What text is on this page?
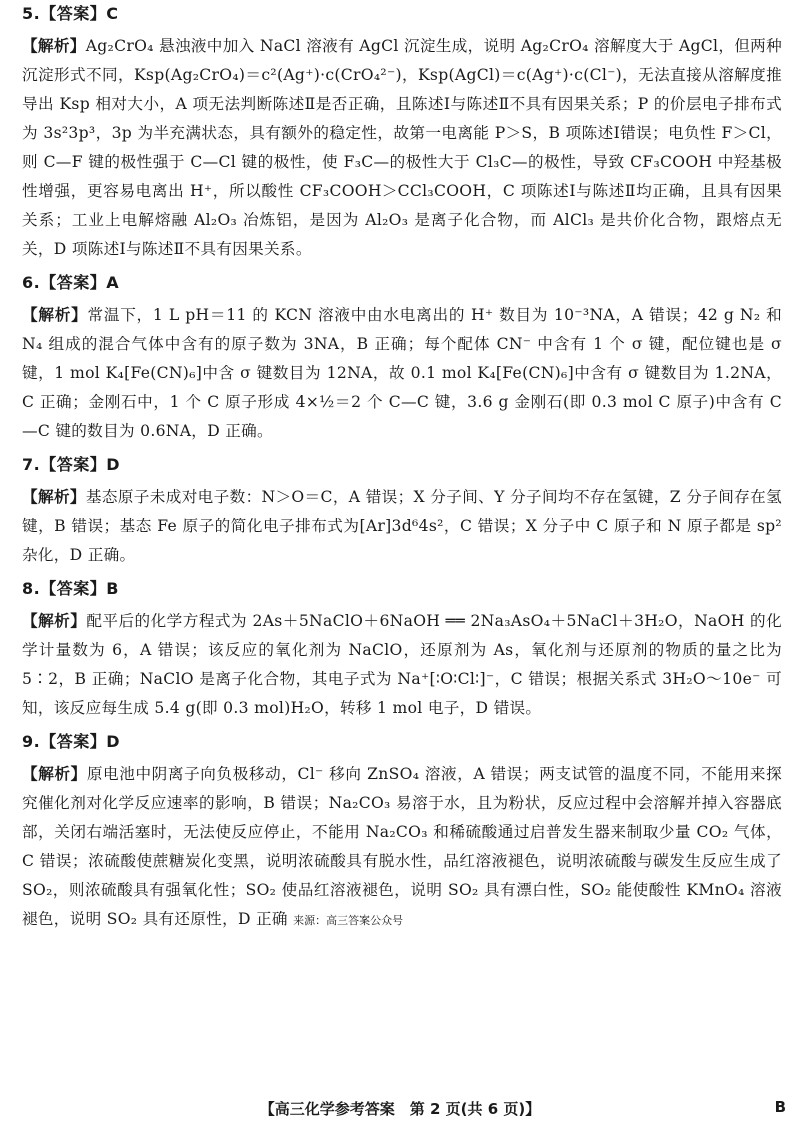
5.【答案】C
【解析】Ag₂CrO₄ 悬浊液中加入 NaCl 溶液有 AgCl 沉淀生成，说明 Ag₂CrO₄ 溶解度大于 AgCl，但两种沉淀形式不同，Ksp(Ag₂CrO₄)＝c²(Ag⁺)·c(CrO₄²⁻)，Ksp(AgCl)＝c(Ag⁺)·c(Cl⁻)，无法直接从溶解度推导出 Ksp 相对大小，A 项无法判断陈述Ⅱ是否正确，且陈述Ⅰ与陈述Ⅱ不具有因果关系；P 的价层电子排布式为 3s²3p³，3p 为半充满状态，具有额外的稳定性，故第一电离能 P＞S，B 项陈述Ⅰ错误；电负性 F＞Cl，则 C—F 键的极性强于 C—Cl 键的极性，使 F₃C—的极性大于 Cl₃C—的极性，导致 CF₃COOH 中羟基极性增强，更容易电离出 H⁺，所以酸性 CF₃COOH＞CCl₃COOH，C 项陈述Ⅰ与陈述Ⅱ均正确，且具有因果关系；工业上电解熔融 Al₂O₃ 冶炼铝，是因为 Al₂O₃ 是离子化合物，而 AlCl₃ 是共价化合物，跟熔点无关，D 项陈述Ⅰ与陈述Ⅱ不具有因果关系。
6.【答案】A
【解析】常温下，1 L pH＝11 的 KCN 溶液中由水电离出的 H⁺ 数目为 10⁻³NA，A 错误；42 g N₂ 和 N₄ 组成的混合气体中含有的原子数为 3NA，B 正确；每个配体 CN⁻ 中含有 1 个 σ 键，配位键也是 σ 键，1 mol K₄[Fe(CN)₆]中含 σ 键数目为 12NA，故 0.1 mol K₄[Fe(CN)₆]中含有 σ 键数目为 1.2NA，C 正确；金刚石中，1 个 C 原子形成 4×½＝2 个 C—C 键，3.6 g 金刚石(即 0.3 mol C 原子)中含有 C—C 键的数目为 0.6NA，D 正确。
7.【答案】D
【解析】基态原子未成对电子数：N＞O＝C，A 错误；X 分子间、Y 分子间均不存在氢键，Z 分子间存在氢键，B 错误；基态 Fe 原子的简化电子排布式为[Ar]3d⁶4s²，C 错误；X 分子中 C 原子和 N 原子都是 sp² 杂化，D 正确。
8.【答案】B
【解析】配平后的化学方程式为 2As＋5NaClO＋6NaOH ══ 2Na₃AsO₄＋5NaCl＋3H₂O，NaOH 的化学计量数为 6，A 错误；该反应的氧化剂为 NaClO，还原剂为 As，氧化剂与还原剂的物质的量之比为 5∶2，B 正确；NaClO 是离子化合物，其电子式为 Na⁺[∶O∶Cl∶]⁻，C 错误；根据关系式 3H₂O～10e⁻ 可知，该反应每生成 5.4 g(即 0.3 mol)H₂O，转移 1 mol 电子，D 错误。
9.【答案】D
【解析】原电池中阴离子向负极移动，Cl⁻ 移向 ZnSO₄ 溶液，A 错误；两支试管的温度不同，不能用来探究催化剂对化学反应速率的影响，B 错误；Na₂CO₃ 易溶于水，且为粉状，反应过程中会溶解并掉入容器底部，关闭右端活塞时，无法使反应停止，不能用 Na₂CO₃ 和稀硫酸通过启普发生器来制取少量 CO₂ 气体，C 错误；浓硫酸使蔗糖炭化变黑，说明浓硫酸具有脱水性，品红溶液褪色，说明浓硫酸与碳发生反应生成了 SO₂，则浓硫酸具有强氧化性；SO₂ 使品红溶液褪色，说明 SO₂ 具有漂白性，SO₂ 能使酸性 KMnO₄ 溶液褪色，说明 SO₂ 具有还原性，D 正确 来源：高三答案公众号
【高三化学参考答案　第 2 页(共 6 页)】	B
